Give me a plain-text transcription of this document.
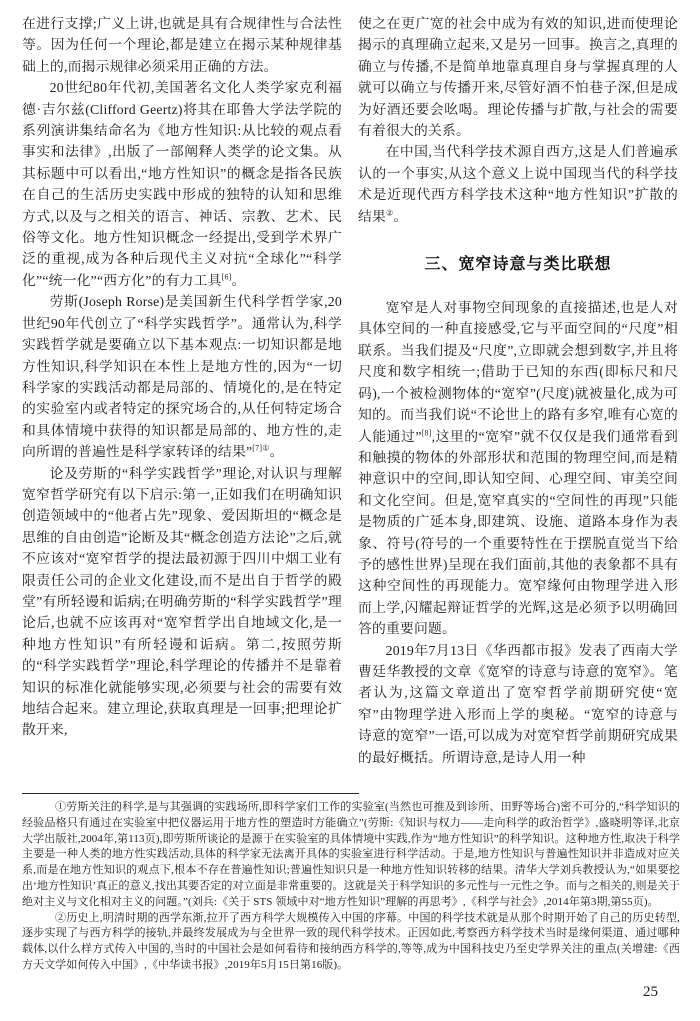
在进行支撑;广义上讲,也就是具有合规律性与合法性等。因为任何一个理论,都是建立在揭示某种规律基础上的,而揭示规律必须采用正确的方法。

20世纪80年代初,美国著名文化人类学家克利福德·吉尔兹(Clifford Geertz)将其在耶鲁大学法学院的系列演讲集结命名为《地方性知识:从比较的观点看事实和法律》,出版了一部阐释人类学的论文集。从其标题中可以看出,“地方性知识”的概念是指各民族在自己的生活历史实践中形成的独特的认知和思维方式,以及与之相关的语言、神话、宗教、艺术、民俗等文化。地方性知识概念一经提出,受到学术界广泛的重视,成为各种后现代主义对抗“全球化”“科学化”“统一化”“西方化”的有力工具[6]。

劳斯(Joseph Rorse)是美国新生代科学哲学家,20世纪90年代创立了“科学实践哲学”。通常认为,科学实践哲学就是要确立以下基本观点:一切知识都是地方性知识,科学知识在本性上是地方性的,因为“一切科学家的实践活动都是局部的、情境化的,是在特定的实验室内或者特定的探究场合的,从任何特定场合和具体情境中获得的知识都是局部的、地方性的,走向所谓的普遍性是科学家转译的结果”$^{[7]①}$。

论及劳斯的“科学实践哲学”理论,对认识与理解宽窄哲学研究有以下启示:第一,正如我们在明确知识创造领域中的“他者占先”现象、爱因斯坦的“概念是思维的自由创造”论断及其“概念创造方法论”之后,就不应该对“宽窄哲学的提法最初源于四川中烟工业有限责任公司的企业文化建设,而不是出自于哲学的殿堂”有所轻谩和诟病;在明确劳斯的“科学实践哲学”理论后,也就不应该再对“宽窄哲学出自地域文化,是一种地方性知识”有所轻谩和诟病。第二,按照劳斯的“科学实践哲学”理论,科学理论的传播并不是靠着知识的标准化就能够实现,必须要与社会的需要有效地结合起来。建立理论,获取真理是一回事;把理论扩散开来,

使之在更广宽的社会中成为有效的知识,进而使理论揭示的真理确立起来,又是另一回事。换言之,真理的确立与传播,不是简单地靠真理自身与掌握真理的人就可以确立与传播开来,尽管好酒不怕巷子深,但是成为好酒还要会吆喝。理论传播与扩散,与社会的需要有着很大的关系。

在中国,当代科学技术源自西方,这是人们普遍承认的一个事实,从这个意义上说中国现当代的科学技术是近现代西方科学技术这种“地方性知识”扩散的结果②。

三、宽窄诗意与类比联想

宽窄是人对事物空间现象的直接描述,也是人对具体空间的一种直接感受,它与平面空间的“尺度”相联系。当我们提及“尺度”,立即就会想到数字,并且将尺度和数字相统一;借助于已知的东西(即标尺和尺码),一个被检测物体的“宽窄”(尺度)就被量化,成为可知的。而当我们说“不论世上的路有多窄,唯有心宽的人能通过”[8],这里的“宽窄”就不仅仅是我们通常看到和触摸的物体的外部形状和范围的物理空间,而是精神意识中的空间,即认知空间、心理空间、审美空间和文化空间。但是,宽窄真实的“空间性的再现”只能是物质的广延本身,即建筑、设施、道路本身作为表象、符号(符号的一个重要特性在于摆脱直觉当下给予的感性世界)呈现在我们面前,其他的表象都不具有这种空间性的再现能力。宽窄缘何由物理学进入形而上学,闪耀起辩证哲学的光辉,这是必须予以明确回答的重要问题。

2019年7月13日《华西都市报》发表了西南大学曹廷华教授的文章《宽窄的诗意与诗意的宽窄》。笔者认为,这篇文章道出了宽窄哲学前期研究使“宽窄”由物理学进入形而上学的奥秘。“宽窄的诗意与诗意的宽窄”一语,可以成为对宽窄哲学前期研究成果的最好概括。所谓诗意,是诗人用一种

①劳斯关注的科学,是与其强调的实践场所,即科学家们工作的实验室(当然也可推及到诊所、田野等场合)密不可分的,“科学知识的经验品格只有通过在实验室中把仪器运用于地方性的塑造时方能确立”(劳斯:《知识与权力——走向科学的政治哲学》,盛晓明等译,北京大学出版社,2004年,第113页),即劳斯所谈论的是源于在实验室的具体情境中实践,作为“地方性知识”的科学知识。这种地方性,取决于科学主要是一种人类的地方性实践活动,具体的科学家无法离开具体的实验室进行科学活动。于是,地方性知识与普遍性知识并非造成对应关系,而是在地方性知识的观点下,根本不存在普遍性知识;普遍性知识只是一种地方性知识转移的结果。清华大学刘兵教授认为,“如果要挖出‘地方性知识’真正的意义,找出其要否定的对立面是非常重要的。这就是关于科学知识的多元性与一元性之争。而与之相关的,则是关于绝对主义与文化相对主义的问题。”(刘兵:《关于 STS 领域中对“地方性知识”理解的再思考》,《科学与社会》,2014年第3期,第55页)。

②历史上,明清时期的西学东渐,拉开了西方科学大规模传入中国的序幕。中国的科学技术就是从那个时期开始了自己的历史转型,逐步实现了与西方科学的接轨,并最终发展成为与全世界一致的现代科学技术。正因如此,考察西方科学技术当时是缘何渠道、通过哪种载体,以什么样方式传入中国的,当时的中国社会是如何看待和接纳西方科学的,等等,成为中国科技史乃至史学界关注的重点(关增建:《西方天文学如何传入中国》,《中华读书报》,2019年5月15日第16版)。

25
